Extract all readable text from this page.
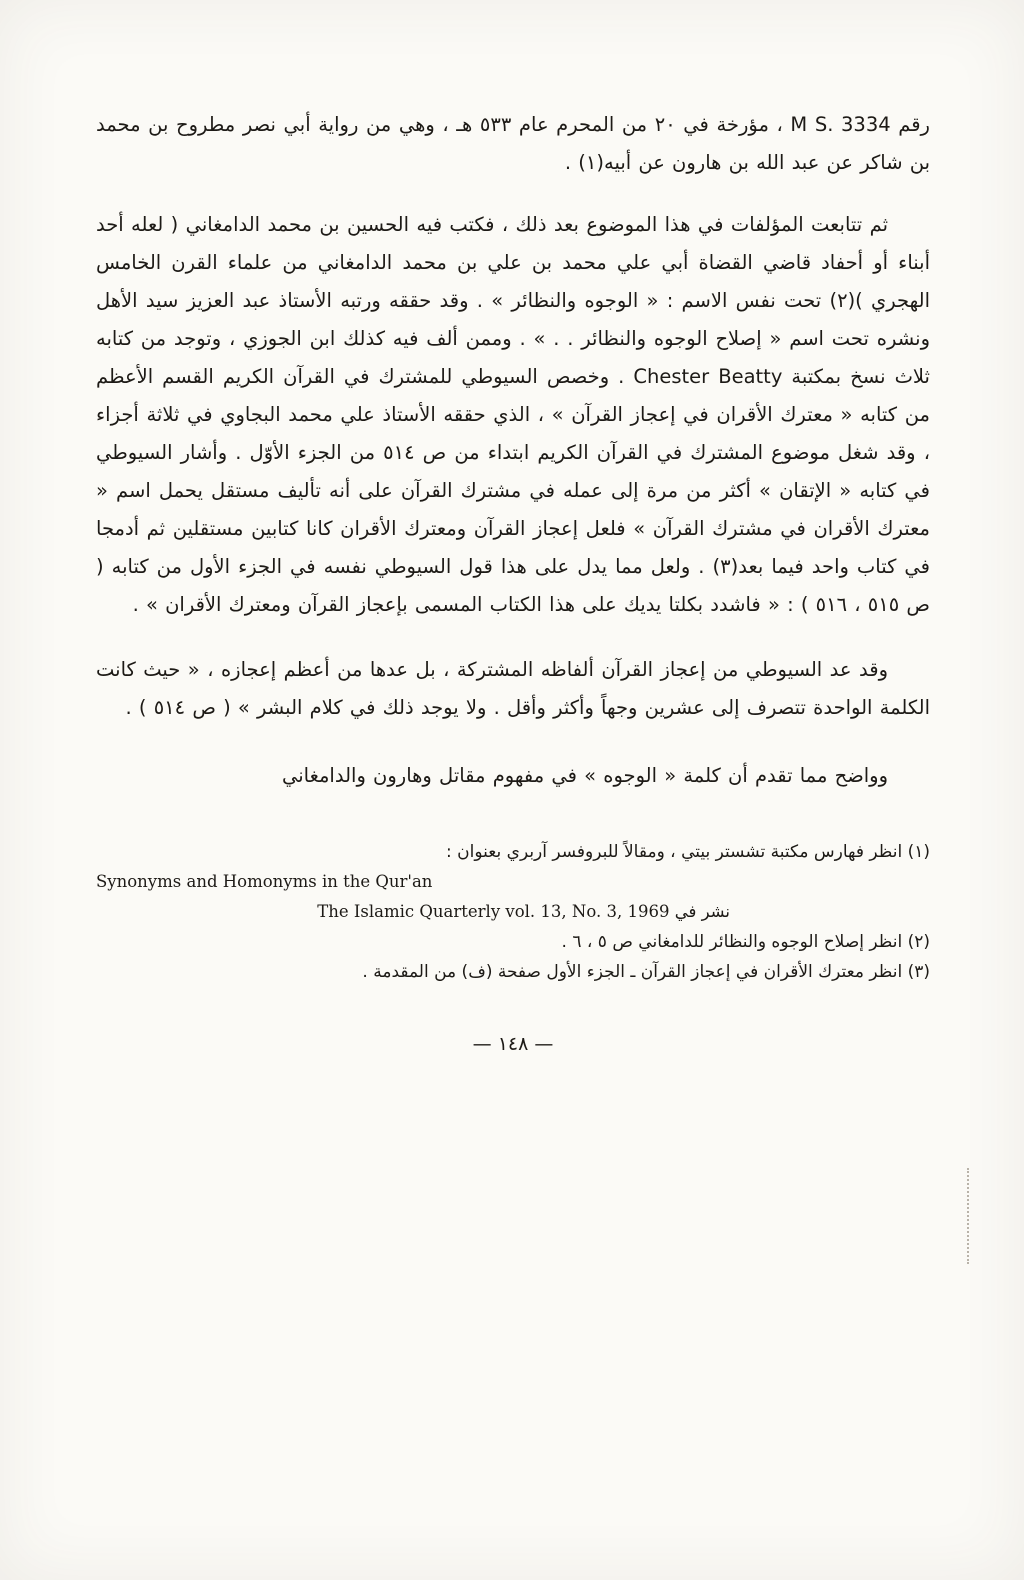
رقم M S. 3334 ، مؤرخة في ٢٠ من المحرم عام ٥٣٣ هـ ، وهي من رواية أبي نصر مطروح بن محمد بن شاكر عن عبد الله بن هارون عن أبيه(١) .

ثم تتابعت المؤلفات في هذا الموضوع بعد ذلك ، فكتب فيه الحسين بن محمد الدامغاني ( لعله أحد أبناء أو أحفاد قاضي القضاة أبي علي محمد بن علي بن محمد الدامغاني من علماء القرن الخامس الهجري )(٢) تحت نفس الاسم : « الوجوه والنظائر » . وقد حققه ورتبه الأستاذ عبد العزيز سيد الأهل ونشره تحت اسم « إصلاح الوجوه والنظائر . . » . وممن ألف فيه كذلك ابن الجوزي ، وتوجد من كتابه ثلاث نسخ بمكتبة Chester Beatty . وخصص السيوطي للمشترك في القرآن الكريم القسم الأعظم من كتابه « معترك الأقران في إعجاز القرآن » ، الذي حققه الأستاذ علي محمد البجاوي في ثلاثة أجزاء ، وقد شغل موضوع المشترك في القرآن الكريم ابتداء من ص ٥١٤ من الجزء الأوّل . وأشار السيوطي في كتابه « الإتقان » أكثر من مرة إلى عمله في مشترك القرآن على أنه تأليف مستقل يحمل اسم « معترك الأقران في مشترك القرآن » فلعل إعجاز القرآن ومعترك الأقران كانا كتابين مستقلين ثم أدمجا في كتاب واحد فيما بعد(٣) . ولعل مما يدل على هذا قول السيوطي نفسه في الجزء الأول من كتابه ( ص ٥١٥ ، ٥١٦ ) : « فاشدد بكلتا يديك على هذا الكتاب المسمى بإعجاز القرآن ومعترك الأقران » .

وقد عد السيوطي من إعجاز القرآن ألفاظه المشتركة ، بل عدها من أعظم إعجازه ، « حيث كانت الكلمة الواحدة تتصرف إلى عشرين وجهاً وأكثر وأقل . ولا يوجد ذلك في كلام البشر » ( ص ٥١٤ ) .

وواضح مما تقدم أن كلمة « الوجوه » في مفهوم مقاتل وهارون والدامغاني

(١) انظر فهارس مكتبة تشستر بيتي ، ومقالاً للبروفسر آربري بعنوان :

Synonyms and Homonyms in the Qur'an

نشر في The Islamic Quarterly vol. 13, No. 3, 1969

(٢) انظر إصلاح الوجوه والنظائر للدامغاني ص ٥ ، ٦ .

(٣) انظر معترك الأقران في إعجاز القرآن ـ الجزء الأول صفحة (ف) من المقدمة .

— ١٤٨ —
